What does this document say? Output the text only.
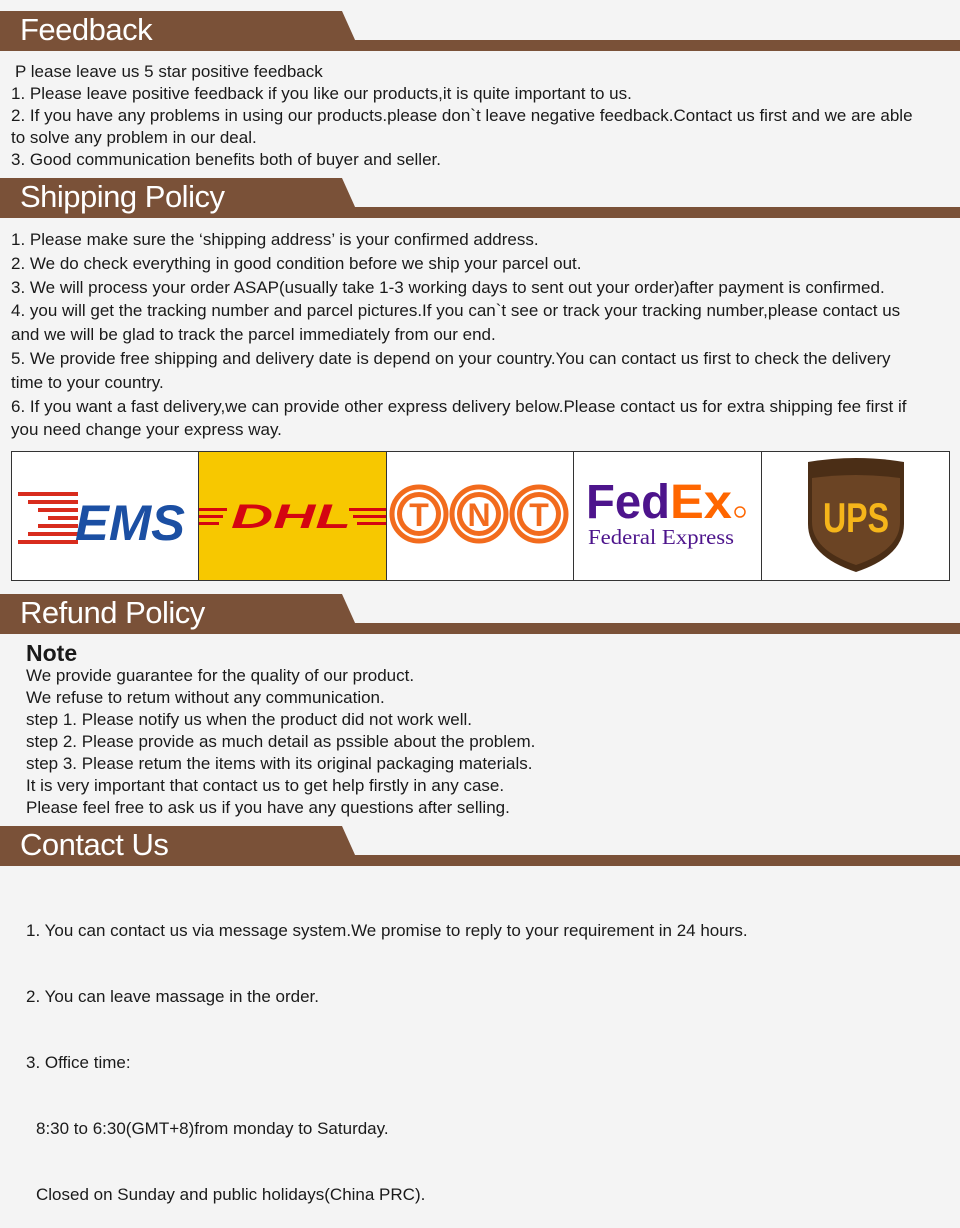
Feedback
P lease leave us 5 star positive feedback
1. Please leave positive feedback if you like our products,it is quite important to us.
2. If you have any problems in using our products.please don`t leave negative feedback.Contact us first and we are able
to solve any problem in our deal.
3. Good communication benefits both of buyer and seller.
Shipping Policy
1. Please make sure the ‘shipping address’ is your confirmed address.
2. We do check everything in good condition before we ship your parcel out.
3. We will process your order ASAP(usually take 1-3 working days to sent out your order)after payment is confirmed.
4. you will get the tracking number and parcel pictures.If you can`t see or track your tracking number,please contact us
and we will be glad to track the parcel immediately from our end.
5. We provide free shipping and delivery date is depend on your country.You can contact us first to check the delivery
time to your country.
6. If you want a fast delivery,we can provide other express delivery below.Please contact us for extra shipping fee first if
you need change your express way.
EMS DHL T N T Fed Ex
Federal Express UPS
Refund Policy
Note
We provide guarantee for the quality of our product.
We refuse to retum without any communication.
step 1. Please notify us when the product did not work well.
step 2. Please provide as much detail as pssible about the problem.
step 3. Please retum the items with its original packaging materials.
It is very important that contact us to get help firstly in any case.
Please feel free to ask us if you have any questions after selling.
Contact Us

1. You can contact us via message system.We promise to reply to your requirement in 24 hours.

2. You can leave massage in the order.

3. Office time:

8:30 to 6:30(GMT+8)from monday to Saturday.

Closed on Sunday and public holidays(China PRC).
